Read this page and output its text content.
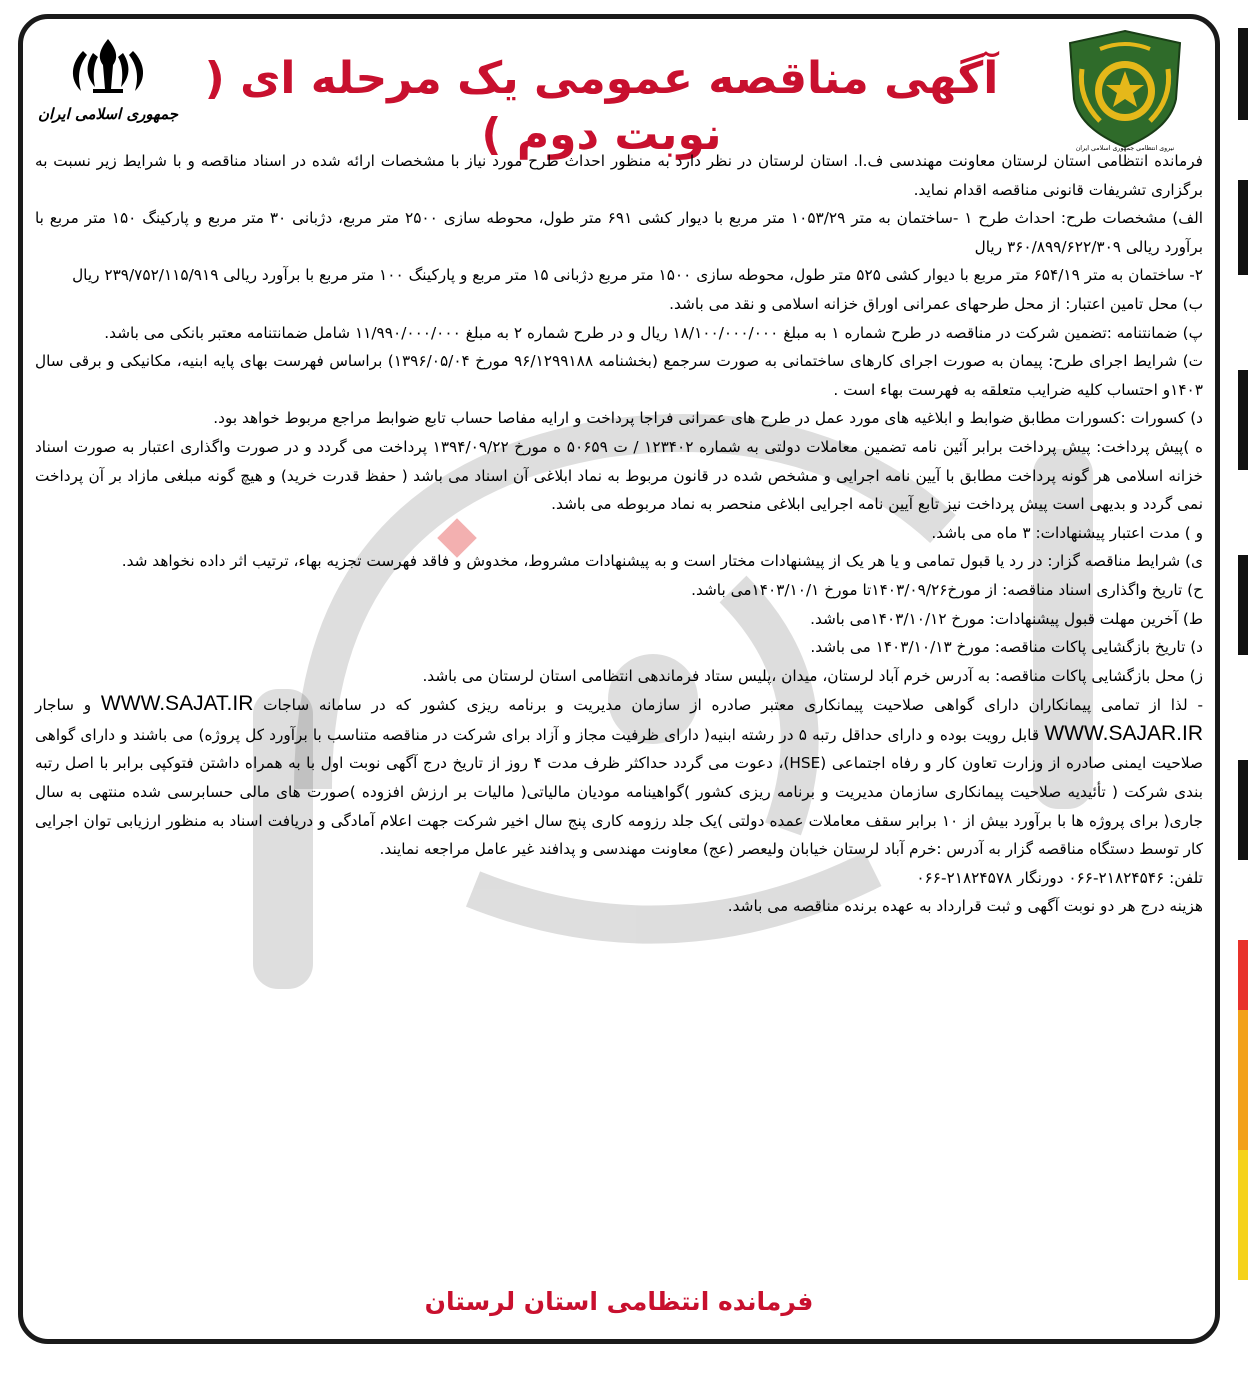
جمهوری اسلامی ایران
آگهی مناقصه عمومی یک مرحله ای ( نوبت دوم )	نیروی انتظامی جمهوری اسلامی ایران

فرمانده انتظامی استان لرستان معاونت مهندسی ف.ا. استان لرستان در نظر دارد به منظور احداث طرح مورد نیاز با مشخصات ارائه شده در اسناد مناقصه و با شرایط زیر نسبت به برگزاری تشریفات قانونی مناقصه اقدام نماید.

الف) مشخصات طرح: احداث طرح ۱ -ساختمان به متر ۱۰۵۳/۲۹ متر مربع با دیوار کشی ۶۹۱ متر طول، محوطه سازی ۲۵۰۰ متر مربع، دژبانی ۳۰ متر مربع و پارکینگ ۱۵۰ متر مربع با برآورد ریالی ۳۶۰/۸۹۹/۶۲۲/۳۰۹ ریال

۲- ساختمان به متر ۶۵۴/۱۹ متر مربع با دیوار کشی ۵۲۵ متر طول، محوطه سازی ۱۵۰۰ متر مربع دژبانی ۱۵ متر مربع و پارکینگ ۱۰۰ متر مربع با برآورد ریالی ۲۳۹/۷۵۲/۱۱۵/۹۱۹ ریال

ب) محل تامین اعتبار: از محل طرحهای عمرانی اوراق خزانه اسلامی و نقد می باشد.

پ) ضمانتنامه :تضمین شرکت در مناقصه در طرح شماره ۱ به مبلغ ۱۸/۱۰۰/۰۰۰/۰۰۰ ریال و در طرح شماره ۲ به مبلغ ۱۱/۹۹۰/۰۰۰/۰۰۰ شامل ضمانتنامه معتبر بانکی می باشد.

ت) شرایط اجرای طرح: پیمان به صورت اجرای کارهای ساختمانی به صورت سرجمع (بخشنامه ۹۶/۱۲۹۹۱۸۸ مورخ ۱۳۹۶/۰۵/۰۴) براساس فهرست بهای پایه ابنیه، مکانیکی و برقی سال ۱۴۰۳و احتساب کلیه ضرایب متعلقه به فهرست بهاء است .

د) کسورات :کسورات مطابق ضوابط و ابلاغیه های مورد عمل در طرح های عمرانی فراجا پرداخت و ارایه مفاصا حساب تابع ضوابط مراجع مربوط خواهد بود.

ه )پیش پرداخت: پیش پرداخت برابر آئین نامه تضمین معاملات دولتی به شماره ۱۲۳۴۰۲ / ت ۵۰۶۵۹ ه مورخ ۱۳۹۴/۰۹/۲۲ پرداخت می گردد و در صورت واگذاری اعتبار به صورت اسناد خزانه اسلامی هر گونه پرداخت مطابق با آیین نامه اجرایی و مشخص شده در قانون مربوط به نماد ابلاغی آن اسناد می باشد ( حفظ قدرت خرید) و هیچ گونه مبلغی مازاد بر آن پرداخت نمی گردد و بدیهی است پیش پرداخت نیز تابع آیین نامه اجرایی ابلاغی منحصر به نماد مربوطه می باشد.

و ) مدت اعتبار پیشنهادات: ۳ ماه می باشد.

ی) شرایط مناقصه گزار: در رد یا قبول تمامی و یا هر یک از پیشنهادات مختار است و به پیشنهادات مشروط، مخدوش و فاقد فهرست تجزیه بهاء، ترتیب اثر داده نخواهد شد.

ح) تاریخ واگذاری اسناد مناقصه: از مورخ۱۴۰۳/۰۹/۲۶تا مورخ ۱۴۰۳/۱۰/۱می باشد.

ط) آخرین مهلت قبول پیشنهادات: مورخ ۱۴۰۳/۱۰/۱۲می باشد.

د) تاریخ بازگشایی پاکات مناقصه: مورخ ۱۴۰۳/۱۰/۱۳ می باشد.

ز) محل بازگشایی پاکات مناقصه: به آدرس خرم آباد لرستان، میدان ،پلیس ستاد فرماندهی انتظامی استان لرستان می باشد.

- لذا از تمامی پیمانکاران دارای گواهی صلاحیت پیمانکاری معتبر صادره از سازمان مدیریت و برنامه ریزی کشور که در سامانه ساجات WWW.SAJAT.IR و ساجار WWW.SAJAR.IR قابل رویت بوده و دارای حداقل رتبه ۵ در رشته ابنیه( دارای ظرفیت مجاز و آزاد برای شرکت در مناقصه متناسب با برآورد کل پروژه) می باشند و دارای گواهی صلاحیت ایمنی صادره از وزارت تعاون کار و رفاه اجتماعی (HSE)، دعوت می گردد حداکثر ظرف مدت ۴ روز از تاریخ درج آگهی نوبت اول با به همراه داشتن فتوکپی برابر با اصل رتبه بندی شرکت ( تأئیدیه صلاحیت پیمانکاری سازمان مدیریت و برنامه ریزی کشور )گواهینامه مودیان مالیاتی( مالیات بر ارزش افزوده )صورت های مالی حسابرسی شده منتهی به سال جاری( برای پروژه ها با برآورد بیش از ۱۰ برابر سقف معاملات عمده دولتی )یک جلد رزومه کاری پنج سال اخیر شرکت جهت اعلام آمادگی و دریافت اسناد به منظور ارزیابی توان اجرایی کار توسط دستگاه مناقصه گزار به آدرس :خرم آباد لرستان خیابان ولیعصر (عج) معاونت مهندسی و پدافند غیر عامل مراجعه نمایند.

تلفن: ۲۱۸۲۴۵۴۶-۰۶۶ دورنگار ۲۱۸۲۴۵۷۸-۰۶۶

هزینه درج هر دو نوبت آگهی و ثبت قرارداد به عهده برنده مناقصه می باشد.

فرمانده انتظامی استان لرستان
